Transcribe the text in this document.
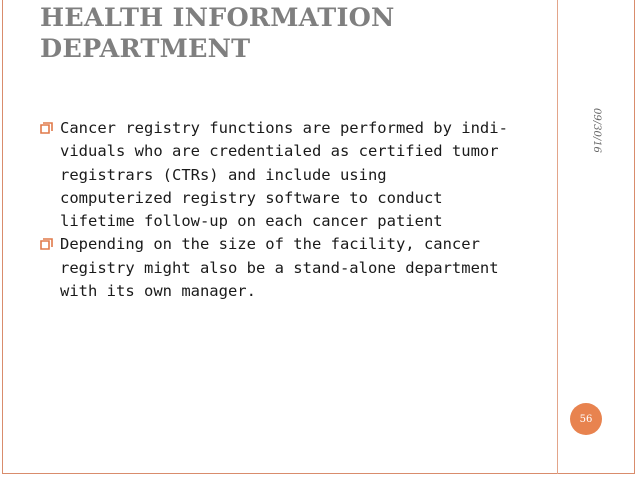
HEALTH INFORMATION
DEPARTMENT
Cancer registry functions are performed by indi-
viduals who are credentialed as certified tumor
registrars (CTRs) and include using
computerized registry software to conduct
lifetime follow-up on each cancer patient
Depending on the size of the facility, cancer
registry might also be a stand-alone department
with its own manager.
09/30/16
56
